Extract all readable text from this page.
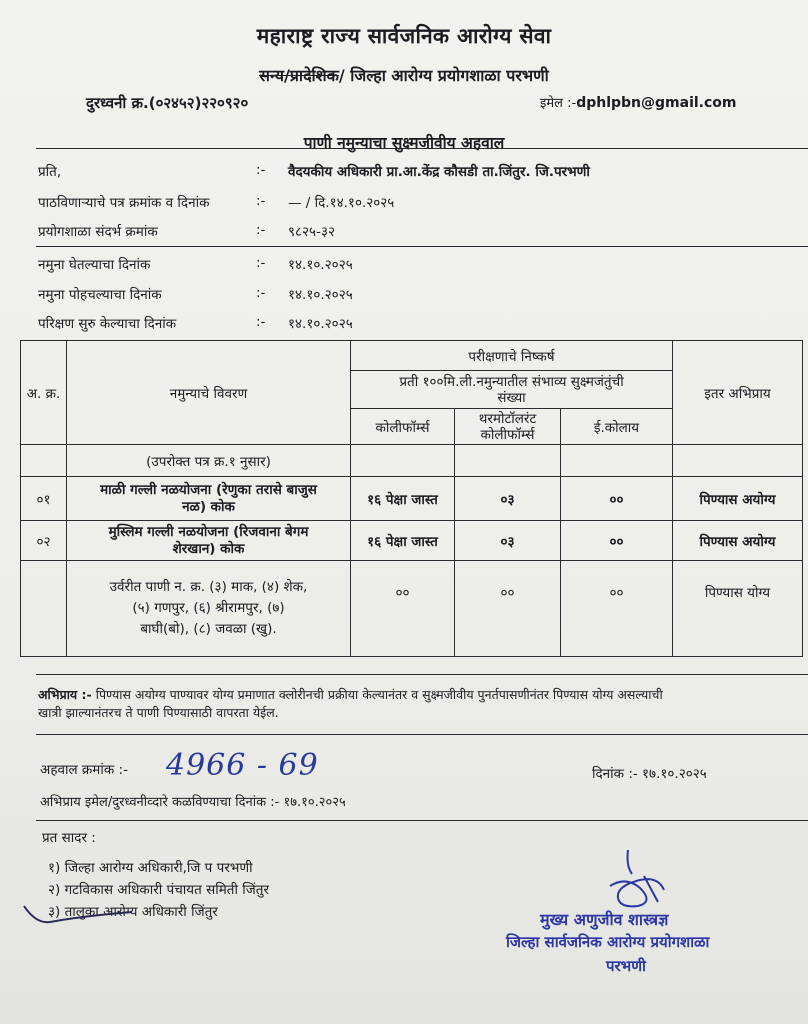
महाराष्ट्र राज्य सार्वजनिक आरोग्य सेवा
सन्य/प्रादेशिक/ जिल्हा आरोग्य प्रयोगशाळा परभणी
दुरध्वनी क्र.(०२४५२)२२०९२०	इमेल :-dphlpbn@gmail.com
पाणी नमुन्याचा सुक्ष्मजीवीय अहवाल
प्रति,	:- वैदयकीय अधिकारी प्रा.आ.केंद्र कौसडी ता.जिंतुर. जि.परभणी
पाठविणाऱ्याचे पत्र क्रमांक व दिनांक	:- — / दि.१४.१०.२०२५
प्रयोगशाळा संदर्भ क्रमांक	:- ९८२५-३२
नमुना घेतल्याचा दिनांक	:- १४.१०.२०२५
नमुना पोहचल्याचा दिनांक	:- १४.१०.२०२५
परिक्षण सुरु केल्याचा दिनांक	:- १४.१०.२०२५
अ. क्र.	नमुन्याचे विवरण	परीक्षणाचे निष्कर्ष			इतर अभिप्राय
		प्रती १००मि.ली.नमुन्यातील संभाव्य सुक्ष्मजंतुंची संख्या			
		कोलीफॉर्म्स	थरमोटॉलरंट कोलीफॉर्म्स	ई.कोलाय	

	(उपरोक्त पत्र क्र.१ नुसार)				
०१	माळी गल्ली नळयोजना (रेणुका तरासे बाजुस नळ) कोक	१६ पेक्षा जास्त	०३	००	पिण्यास अयोग्य
०२	मुस्लिम गल्ली नळयोजना (रिजवाना बेगम शेरखान) कोक	१६ पेक्षा जास्त	०३	००	पिण्यास अयोग्य
	उर्वरीत पाणी न. क्र. (३) माक, (४) शेक, (५) गणपुर, (६) श्रीरामपुर, (७) बाघी(बो), (८) जवळा (खु).	००	००	००	पिण्यास योग्य
अभिप्राय :- पिण्यास अयोग्य पाण्यावर योग्य प्रमाणात क्लोरीनची प्रक्रीया केल्यानंतर व सुक्ष्मजीवीय पुनर्तपासणीनंतर पिण्यास योग्य असल्याची
खात्री झाल्यानंतरच ते पाणी पिण्यासाठी वापरता येईल.
अहवाल क्रमांक :- 4966 - 69	दिनांक :- १७.१०.२०२५
अभिप्राय इमेल/दुरध्वनीव्दारे कळविण्याचा दिनांक :- १७.१०.२०२५
प्रत सादर :
१) जिल्हा आरोग्य अधिकारी,जि प परभणी
२) गटविकास अधिकारी पंचायत समिती जिंतुर
३) तालुका आरोग्य अधिकारी जिंतुर	मुख्य अणुजीव शास्त्रज्ञ
जिल्हा सार्वजनिक आरोग्य प्रयोगशाळा
परभणी
